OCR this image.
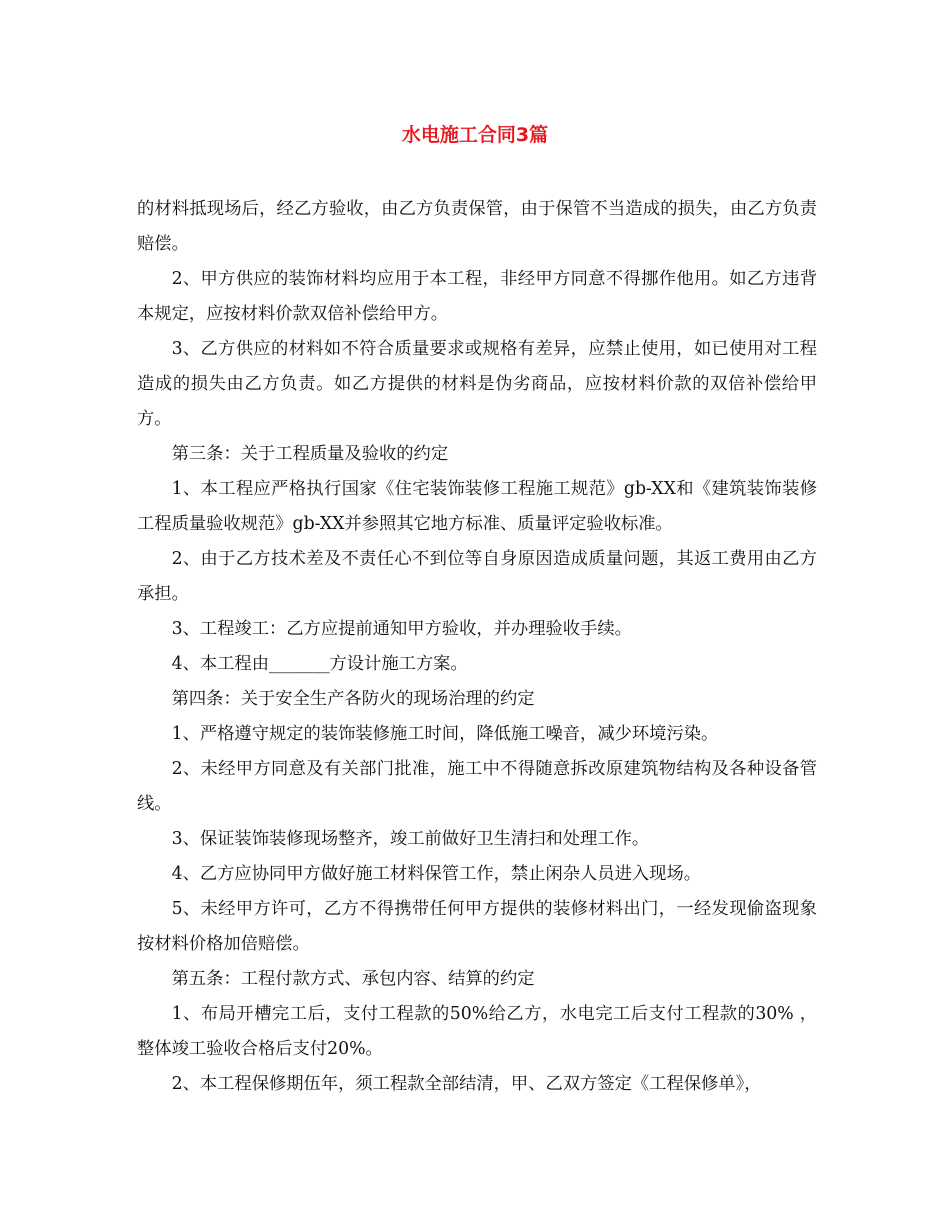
水电施工合同3篇

的材料抵现场后，经乙方验收，由乙方负责保管，由于保管不当造成的损失，由乙方负责赔偿。

2、甲方供应的装饰材料均应用于本工程，非经甲方同意不得挪作他用。如乙方违背本规定，应按材料价款双倍补偿给甲方。

3、乙方供应的材料如不符合质量要求或规格有差异，应禁止使用，如已使用对工程造成的损失由乙方负责。如乙方提供的材料是伪劣商品，应按材料价款的双倍补偿给甲方。

第三条：关于工程质量及验收的约定

1、本工程应严格执行国家《住宅装饰装修工程施工规范》gb-XX和《建筑装饰装修工程质量验收规范》gb-XX并参照其它地方标准、质量评定验收标准。

2、由于乙方技术差及不责任心不到位等自身原因造成质量问题，其返工费用由乙方承担。

3、工程竣工：乙方应提前通知甲方验收，并办理验收手续。

4、本工程由_______方设计施工方案。

第四条：关于安全生产各防火的现场治理的约定

1、严格遵守规定的装饰装修施工时间，降低施工噪音，减少环境污染。

2、未经甲方同意及有关部门批准，施工中不得随意拆改原建筑物结构及各种设备管线。

3、保证装饰装修现场整齐，竣工前做好卫生清扫和处理工作。

4、乙方应协同甲方做好施工材料保管工作，禁止闲杂人员进入现场。

5、未经甲方许可，乙方不得携带任何甲方提供的装修材料出门，一经发现偷盗现象按材料价格加倍赔偿。

第五条：工程付款方式、承包内容、结算的约定

1、布局开槽完工后，支付工程款的50%给乙方，水电完工后支付工程款的30% ，整体竣工验收合格后支付20%。

2、本工程保修期伍年，须工程款全部结清，甲、乙双方签定《工程保修单》，
